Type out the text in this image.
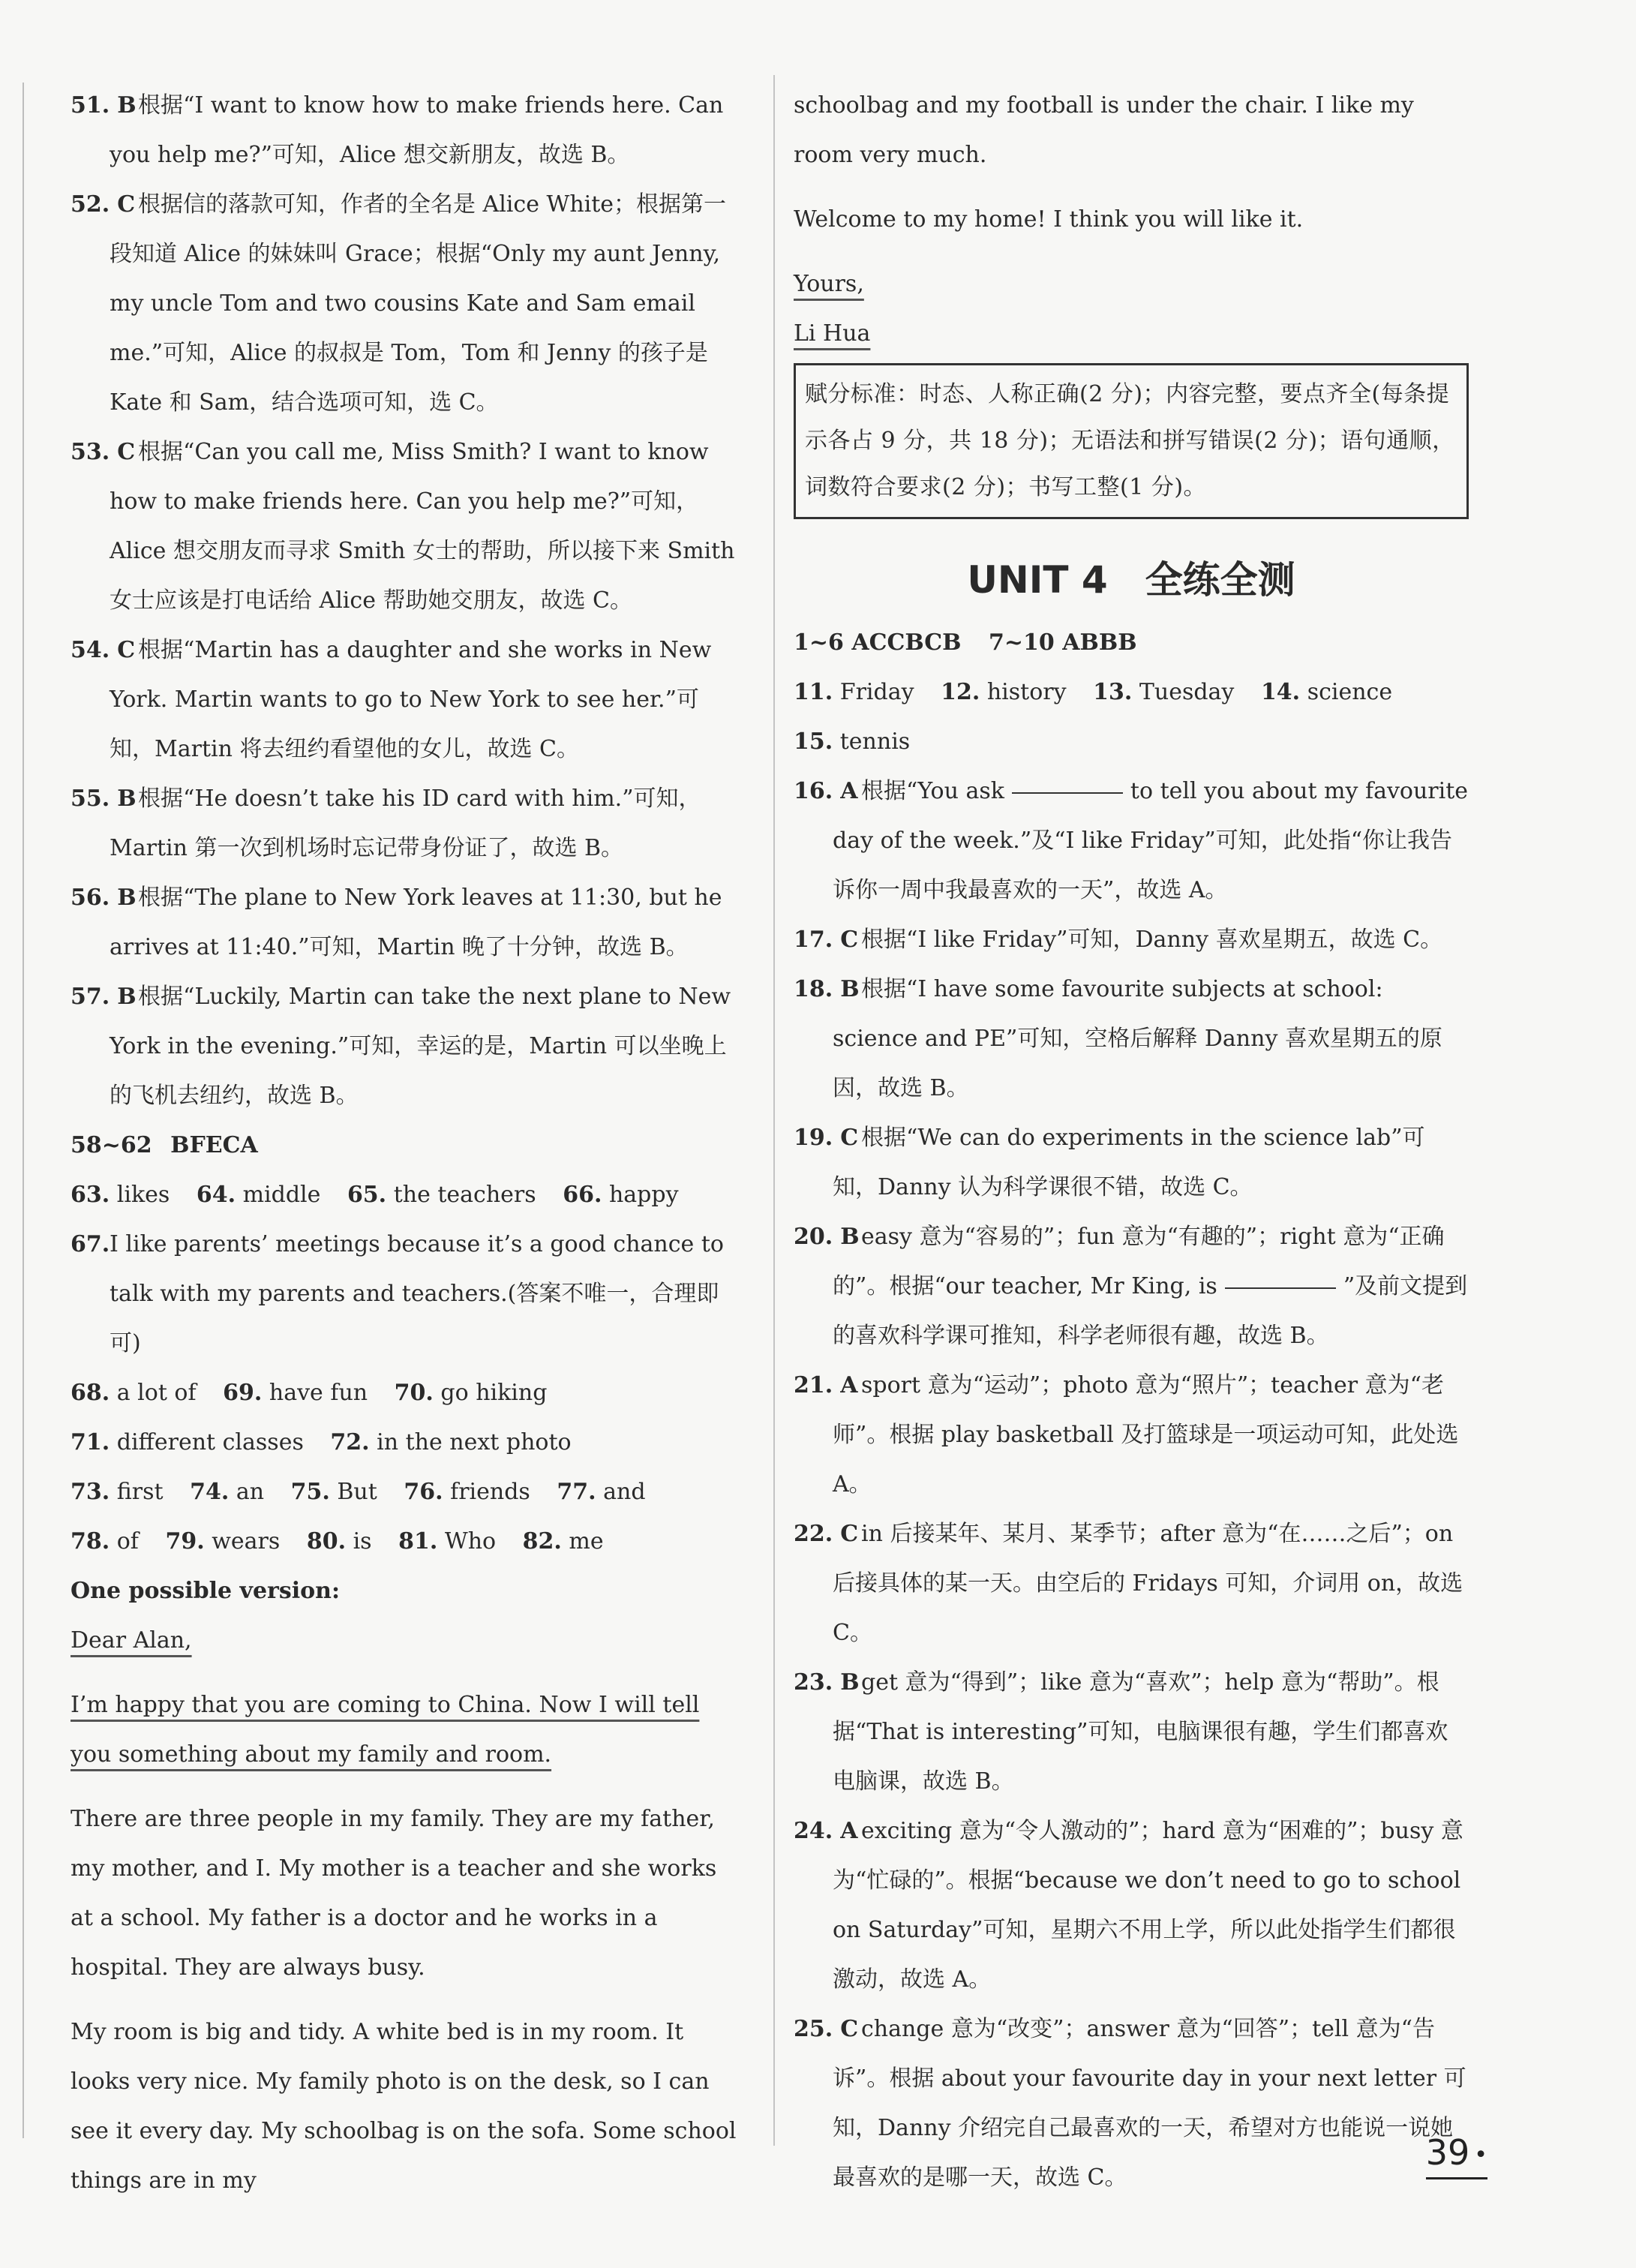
51. B 根据“I want to know how to make friends here. Can you help me?”可知，Alice 想交新朋友，故选 B。
52. C 根据信的落款可知，作者的全名是 Alice White；根据第一段知道 Alice 的妹妹叫 Grace；根据“Only my aunt Jenny, my uncle Tom and two cousins Kate and Sam email me.”可知，Alice 的叔叔是 Tom，Tom 和 Jenny 的孩子是 Kate 和 Sam，结合选项可知，选 C。
53. C 根据“Can you call me, Miss Smith? I want to know how to make friends here. Can you help me?”可知，Alice 想交朋友而寻求 Smith 女士的帮助，所以接下来 Smith 女士应该是打电话给 Alice 帮助她交朋友，故选 C。
54. C 根据“Martin has a daughter and she works in New York. Martin wants to go to New York to see her.”可知，Martin 将去纽约看望他的女儿，故选 C。
55. B 根据“He doesn’t take his ID card with him.”可知，Martin 第一次到机场时忘记带身份证了，故选 B。
56. B 根据“The plane to New York leaves at 11:30, but he arrives at 11:40.”可知，Martin 晚了十分钟，故选 B。
57. B 根据“Luckily, Martin can take the next plane to New York in the evening.”可知，幸运的是，Martin 可以坐晚上的飞机去纽约，故选 B。
58~62 BFECA
63. likes 64. middle 65. the teachers 66. happy
67. I like parents’ meetings because it’s a good chance to talk with my parents and teachers.(答案不唯一，合理即可)
68. a lot of 69. have fun 70. go hiking
71. different classes 72. in the next photo
73. first 74. an 75. But 76. friends 77. and
78. of 79. wears 80. is 81. Who 82. me
One possible version:
Dear Alan,
I’m happy that you are coming to China. Now I will tell you something about my family and room.
There are three people in my family. They are my father, my mother, and I. My mother is a teacher and she works at a school. My father is a doctor and he works in a hospital. They are always busy.
My room is big and tidy. A white bed is in my room. It looks very nice. My family photo is on the desk, so I can see it every day. My schoolbag is on the sofa. Some school things are in my
schoolbag and my football is under the chair. I like my room very much.
Welcome to my home! I think you will like it.
Yours,
Li Hua
赋分标准：时态、人称正确(2 分)；内容完整，要点齐全(每条提示各占 9 分，共 18 分)；无语法和拼写错误(2 分)；语句通顺，词数符合要求(2 分)；书写工整(1 分)。
UNIT 4　全练全测
1~6 ACCBCB 7~10 ABBB
11. Friday 12. history 13. Tuesday 14. science
15. tennis
16. A 根据“You ask	to tell you about my favourite day of the week.”及“I like Friday”可知，此处指“你让我告诉你一周中我最喜欢的一天”，故选 A。
17. C 根据“I like Friday”可知，Danny 喜欢星期五，故选 C。
18. B 根据“I have some favourite subjects at school: science and PE”可知，空格后解释 Danny 喜欢星期五的原因，故选 B。
19. C 根据“We can do experiments in the science lab”可知，Danny 认为科学课很不错，故选 C。
20. B easy 意为“容易的”；fun 意为“有趣的”；right 意为“正确的”。根据“our teacher, Mr King, is	”及前文提到的喜欢科学课可推知，科学老师很有趣，故选 B。
21. A sport 意为“运动”；photo 意为“照片”；teacher 意为“老师”。根据 play basketball 及打篮球是一项运动可知，此处选 A。
22. C in 后接某年、某月、某季节；after 意为“在……之后”；on 后接具体的某一天。由空后的 Fridays 可知，介词用 on，故选 C。
23. B get 意为“得到”；like 意为“喜欢”；help 意为“帮助”。根据“That is interesting”可知，电脑课很有趣，学生们都喜欢电脑课，故选 B。
24. A exciting 意为“令人激动的”；hard 意为“困难的”；busy 意为“忙碌的”。根据“because we don’t need to go to school on Saturday”可知，星期六不用上学，所以此处指学生们都很激动，故选 A。
25. C change 意为“改变”；answer 意为“回答”；tell 意为“告诉”。根据 about your favourite day in your next letter 可知，Danny 介绍完自己最喜欢的一天，希望对方也能说一说她最喜欢的是哪一天，故选 C。
39 •
